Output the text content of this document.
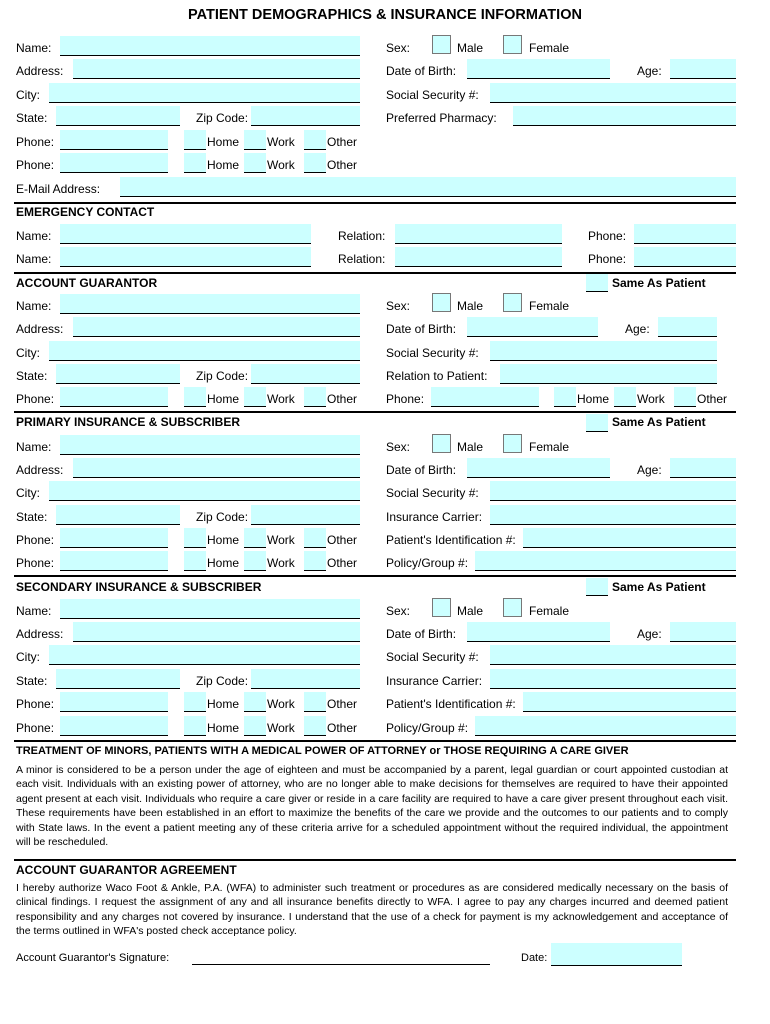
PATIENT DEMOGRAPHICS & INSURANCE INFORMATION
Name:	Sex:	Male	Female
Address:	Date of Birth:	Age:
City:	Social Security #:
State:	Zip Code:	Preferred Pharmacy:
Phone:	Home Work	Other
Phone:	Home Work	Other
E-Mail Address:
EMERGENCY CONTACT
Name:	Relation:	Phone:
Name:	Relation:	Phone:
ACCOUNT GUARANTOR	Same As Patient
Name:	Sex:	Male	Female
Address:	Date of Birth:	Age:
City:	Social Security #:
State:	Zip Code:	Relation to Patient:
Phone:	Home Work	Other Phone:	Home Work	Other
PRIMARY INSURANCE & SUBSCRIBER	Same As Patient
Name:	Sex:	Male	Female
Address:	Date of Birth:	Age:
City:	Social Security #:
State:	Zip Code:	Insurance Carrier:
Phone:	Home Work	Other Patient's Identification #:
Phone:	Home Work	Other Policy/Group #:
SECONDARY INSURANCE & SUBSCRIBER	Same As Patient
Name:	Sex:	Male	Female
Address:	Date of Birth:	Age:
City:	Social Security #:
State:	Zip Code:	Insurance Carrier:
Phone:	Home Work	Other Patient's Identification #:
Phone:	Home Work	Other Policy/Group #:
TREATMENT OF MINORS, PATIENTS WITH A MEDICAL POWER OF ATTORNEY or THOSE REQUIRING A CARE GIVER
A minor is considered to be a person under the age of eighteen and must be accompanied by a parent, legal guardian or court appointed custodian at each visit. Individuals with an existing power of attorney, who are no longer able to make decisions for themselves are required to have their appointed agent present at each visit. Individuals who require a care giver or reside in a care facility are required to have a care giver present throughout each visit. These requirements have been established in an effort to maximize the benefits of the care we provide and the outcomes to our patients and to comply with State laws. In the event a patient meeting any of these criteria arrive for a scheduled appointment without the required individual, the appointment will be rescheduled.
ACCOUNT GUARANTOR AGREEMENT
I hereby authorize Waco Foot & Ankle, P.A. (WFA) to administer such treatment or procedures as are considered medically necessary on the basis of clinical findings. I request the assignment of any and all insurance benefits directly to WFA. I agree to pay any charges incurred and deemed patient responsibility and any charges not covered by insurance. I understand that the use of a check for payment is my acknowledgement and acceptance of the terms outlined in WFA's posted check acceptance policy.
Account Guarantor's Signature:	Date:
